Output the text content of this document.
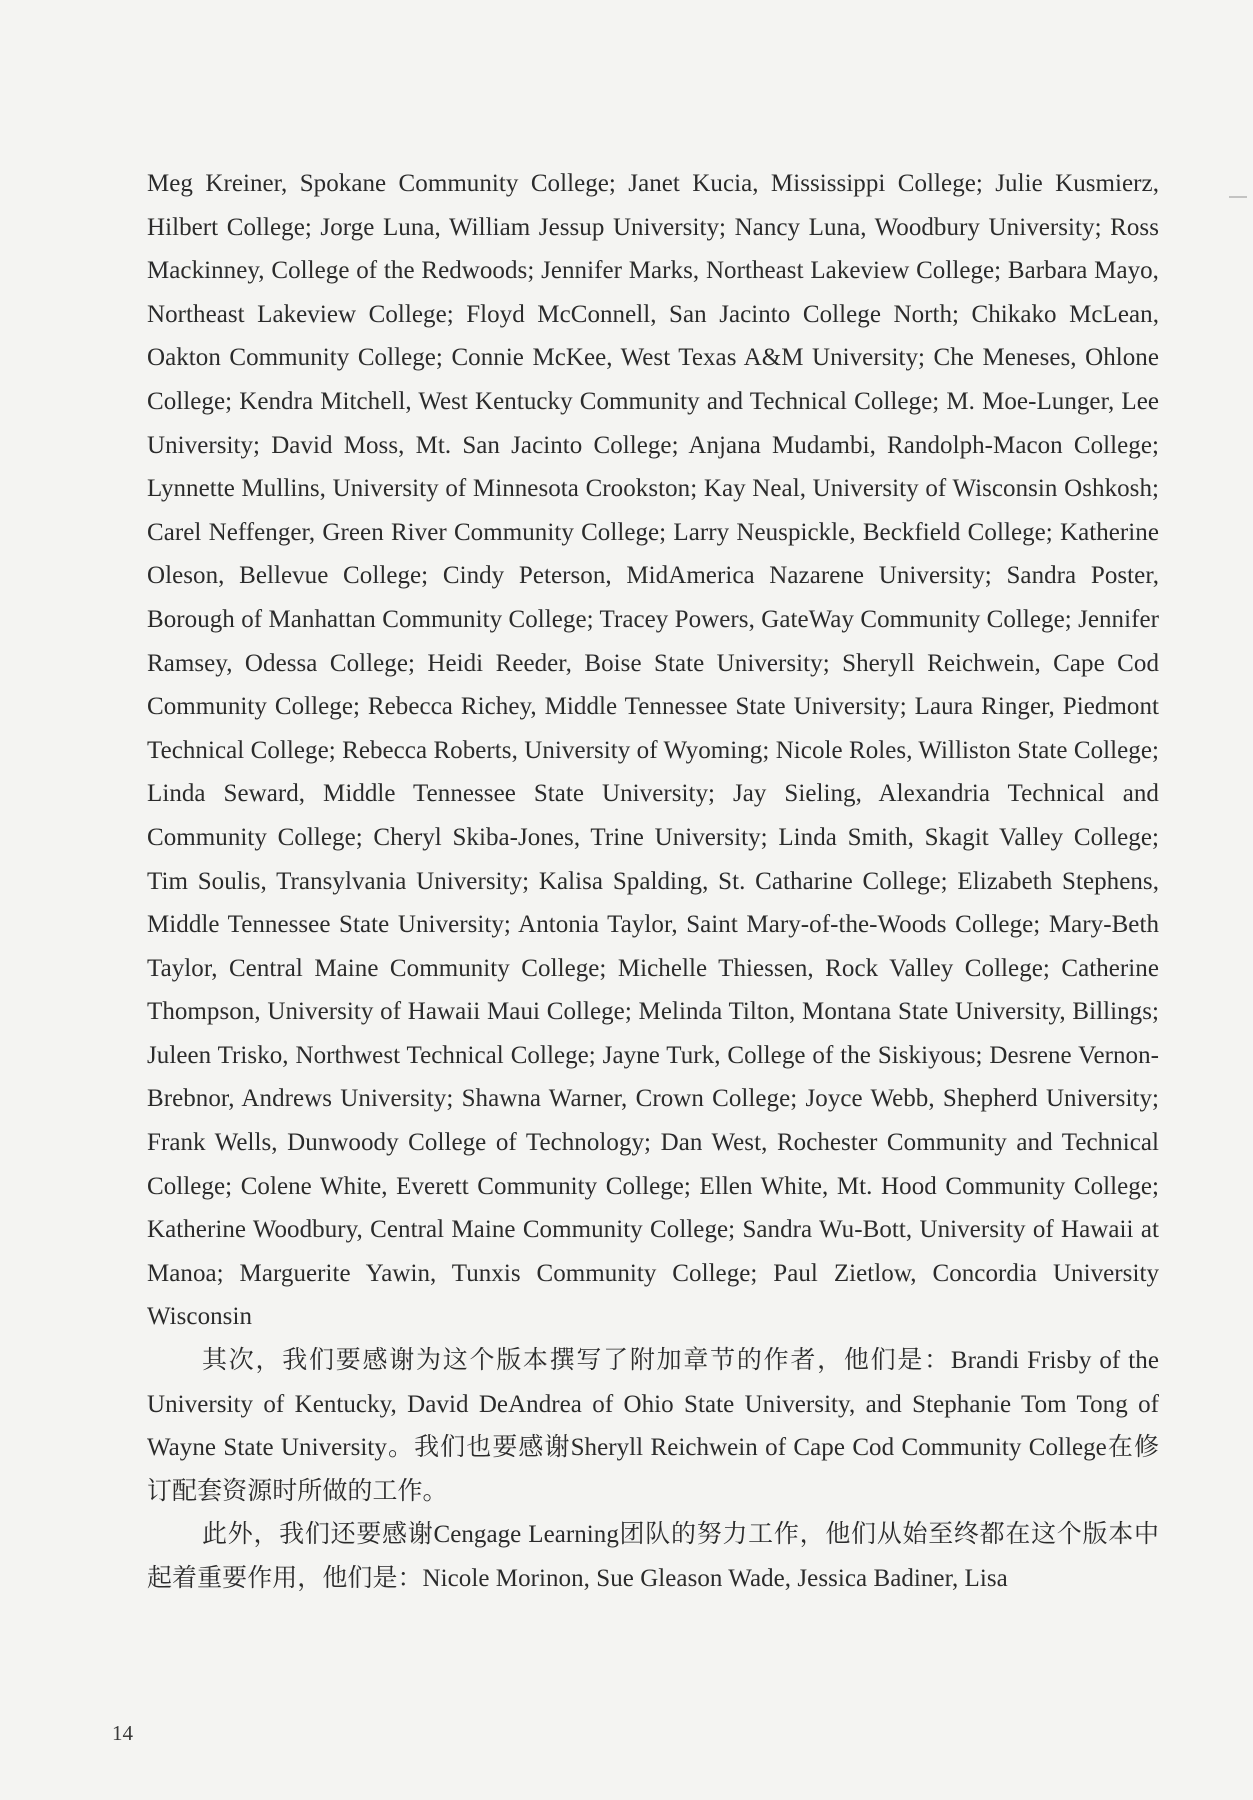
Meg Kreiner, Spokane Community College; Janet Kucia, Mississippi College; Julie Kusmierz, Hilbert College; Jorge Luna, William Jessup University; Nancy Luna, Woodbury University; Ross Mackinney, College of the Redwoods; Jennifer Marks, Northeast Lakeview College; Barbara Mayo, Northeast Lakeview College; Floyd McConnell, San Jacinto College North; Chikako McLean, Oakton Community College; Connie McKee, West Texas A&M University; Che Meneses, Ohlone College; Kendra Mitchell, West Kentucky Community and Technical College; M. Moe-Lunger, Lee University; David Moss, Mt. San Jacinto College; Anjana Mudambi, Randolph-Macon College; Lynnette Mullins, University of Minnesota Crookston; Kay Neal, University of Wisconsin Oshkosh; Carel Neffenger, Green River Community College; Larry Neuspickle, Beckfield College; Katherine Oleson, Bellevue College; Cindy Peterson, MidAmerica Nazarene University; Sandra Poster, Borough of Manhattan Community College; Tracey Powers, GateWay Community College; Jennifer Ramsey, Odessa College; Heidi Reeder, Boise State University; Sheryll Reichwein, Cape Cod Community College; Rebecca Richey, Middle Tennessee State University; Laura Ringer, Piedmont Technical College; Rebecca Roberts, University of Wyoming; Nicole Roles, Williston State College; Linda Seward, Middle Tennessee State University; Jay Sieling, Alexandria Technical and Community College; Cheryl Skiba-Jones, Trine University; Linda Smith, Skagit Valley College; Tim Soulis, Transylvania University; Kalisa Spalding, St. Catharine College; Elizabeth Stephens, Middle Tennessee State University; Antonia Taylor, Saint Mary-of-the-Woods College; Mary-Beth Taylor, Central Maine Community College; Michelle Thiessen, Rock Valley College; Catherine Thompson, University of Hawaii Maui College; Melinda Tilton, Montana State University, Billings; Juleen Trisko, Northwest Technical College; Jayne Turk, College of the Siskiyous; Desrene Vernon-Brebnor, Andrews University; Shawna Warner, Crown College; Joyce Webb, Shepherd University; Frank Wells, Dunwoody College of Technology; Dan West, Rochester Community and Technical College; Colene White, Everett Community College; Ellen White, Mt. Hood Community College; Katherine Woodbury, Central Maine Community College; Sandra Wu-Bott, University of Hawaii at Manoa; Marguerite Yawin, Tunxis Community College; Paul Zietlow, Concordia University Wisconsin

其次，我们要感谢为这个版本撰写了附加章节的作者，他们是：Brandi Frisby of the University of Kentucky, David DeAndrea of Ohio State University, and Stephanie Tom Tong of Wayne State University。我们也要感谢Sheryll Reichwein of Cape Cod Community College在修订配套资源时所做的工作。

此外，我们还要感谢Cengage Learning团队的努力工作，他们从始至终都在这个版本中起着重要作用，他们是：Nicole Morinon, Sue Gleason Wade, Jessica Badiner, Lisa

14
